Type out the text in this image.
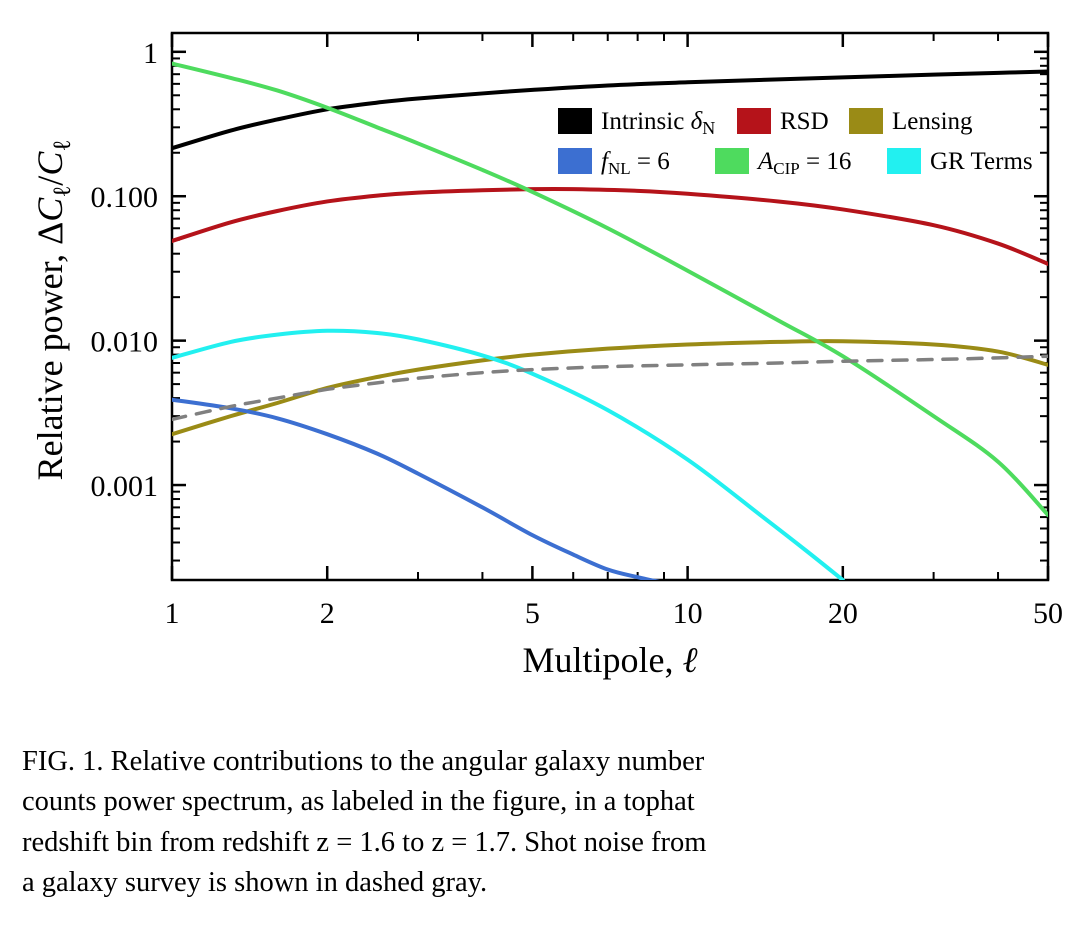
1	2	5	10	20	50
0.001
0.010
0.100
1
Relative power, $\Delta C_\ell/C_\ell$
Multipole, ℓ
Intrinsic $\delta_N$	RSD	Lensing
$f_{NL} = 6$	$A_{CIP} = 16$	GR Terms
FIG. 1. Relative contributions to the angular galaxy number
counts power spectrum, as labeled in the figure, in a tophat
redshift bin from redshift z = 1.6 to z = 1.7. Shot noise from
a galaxy survey is shown in dashed gray.
